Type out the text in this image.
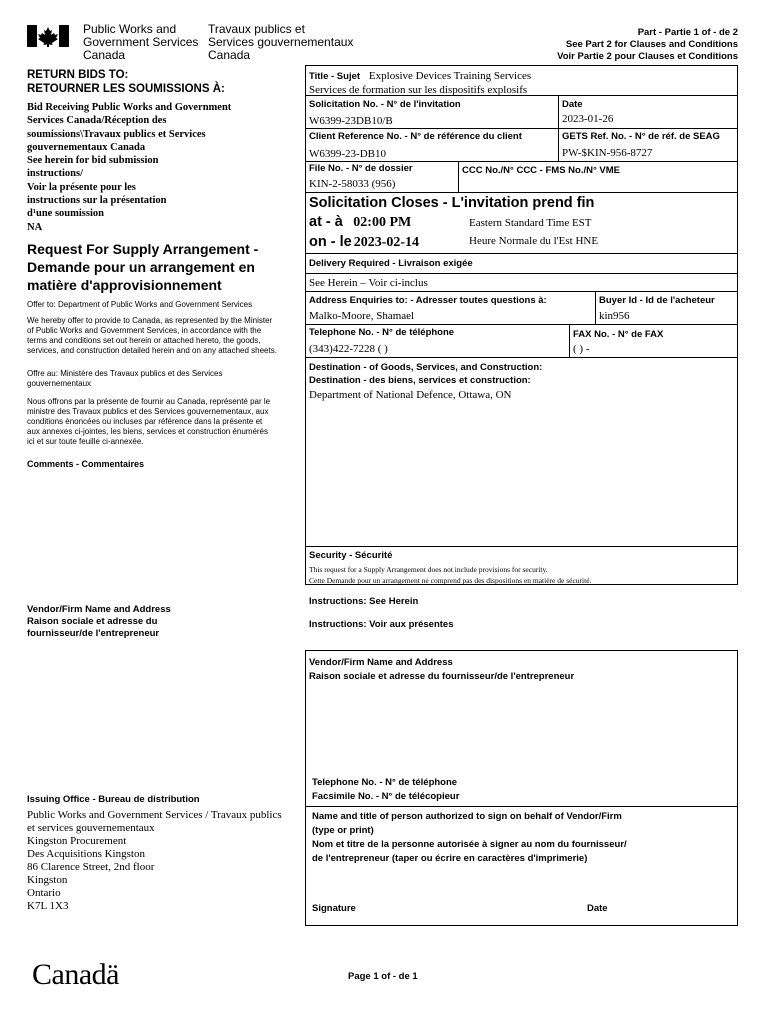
Public Works and
Government Services
Canada
Travaux publics et
Services gouvernementaux
Canada
Part - Partie 1 of - de 2
See Part 2 for Clauses and Conditions
Voir Partie 2 pour Clauses et Conditions
RETURN BIDS TO:
RETOURNER LES SOUMISSIONS À:
Bid Receiving Public Works and Government
Services Canada/Réception des
soumissions\Travaux publics et Services
gouvernementaux Canada
See herein for bid submission
instructions/
Voir la présente pour les
instructions sur la présentation
d¹une soumission
NA
Request For Supply Arrangement -
Demande pour un arrangement en
matière d'approvisionnement
Offer to: Department of Public Works and Government Services
We hereby offer to provide to Canada, as represented by the Minister
of Public Works and Government Services, in accordance with the
terms and conditions set out herein or attached hereto, the goods,
services, and construction detailed herein and on any attached sheets.
Offre au: Ministère des Travaux publics et des Services
gouvernementaux
Nous offrons par la présente de fournir au Canada, représenté par le
ministre des Travaux publics et des Services gouvernementaux, aux
conditions énoncées ou incluses par référence dans la présente et
aux annexes ci-jointes, les biens, services et construction énumérés
ici et sur toute feuille ci-annexée.
Comments - Commentaires
Vendor/Firm Name and Address
Raison sociale et adresse du
fournisseur/de l'entrepreneur
Issuing Office - Bureau de distribution
Public Works and Government Services / Travaux publics
et services gouvernementaux
Kingston Procurement
Des Acquisitions Kingston
86 Clarence Street, 2nd floor
Kingston
Ontario
K7L 1X3
Title - Sujet Explosive Devices Training Services
Services de formation sur les dispositifs explosifs
Solicitation No. - N° de l'invitation
W6399-23DB10/B
Date
2023-01-26
Client Reference No. - N° de référence du client
W6399-23-DB10
GETS Ref. No. - N° de réf. de SEAG
PW-$KIN-956-8727
File No. - N° de dossier
KIN-2-58033 (956)
CCC No./N° CCC - FMS No./N° VME
Solicitation Closes - L'invitation prend fin
at - à 02:00 PM
on - le 2023-02-14
Eastern Standard Time EST
Heure Normale du l'Est HNE
Delivery Required - Livraison exigée
See Herein – Voir ci-inclus
Address Enquiries to: - Adresser toutes questions à:
Malko-Moore, Shamael
Buyer Id - Id de l'acheteur
kin956
Telephone No. - N° de téléphone
(343)422-7228 ( )
FAX No. - N° de FAX
( ) -
Destination - of Goods, Services, and Construction:
Destination - des biens, services et construction:
Department of National Defence, Ottawa, ON
Security - Sécurité
This request for a Supply Arrangement does not include provisions for security.
Cette Demande pour un arrangement ne comprend pas des dispositions en matière de sécurité.
Instructions: See Herein
Instructions: Voir aux présentes
Vendor/Firm Name and Address
Raison sociale et adresse du fournisseur/de l'entrepreneur
Telephone No. - N° de téléphone
Facsimile No. - N° de télécopieur
Name and title of person authorized to sign on behalf of Vendor/Firm
(type or print)
Nom et titre de la personne autorisée à signer au nom du fournisseur/
de l'entrepreneur (taper ou écrire en caractères d'imprimerie)
Signature	Date
Canadä	Page 1 of - de 1
